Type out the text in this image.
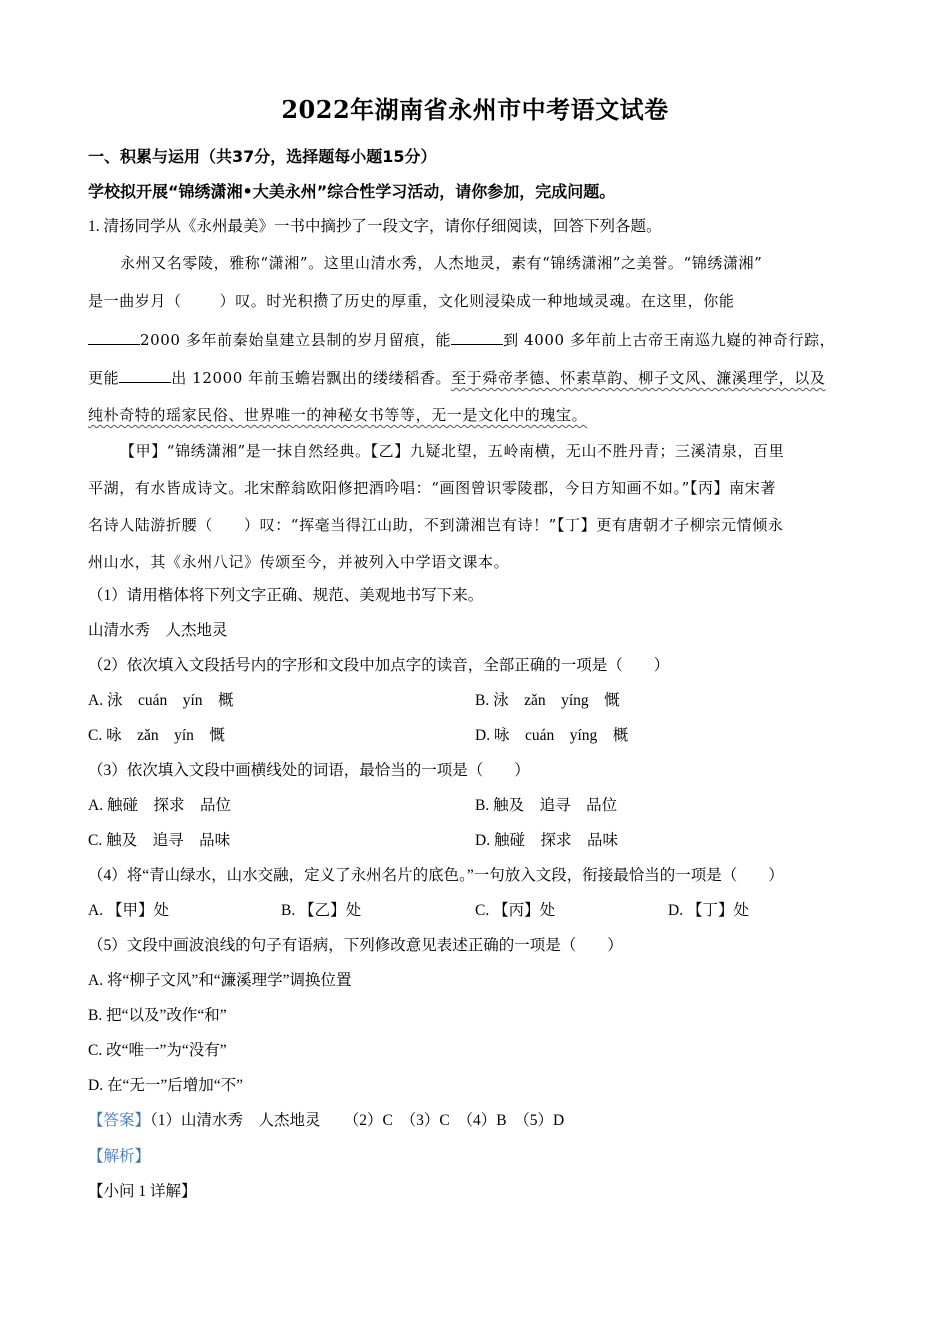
2022年湖南省永州市中考语文试卷
一、积累与运用（共37分，选择题每小题15分）
学校拟开展“锦绣潇湘•大美永州”综合性学习活动，请你参加，完成问题。
1. 清扬同学从《永州最美》一书中摘抄了一段文字，请你仔细阅读，回答下列各题。
永州又名零陵，雅称“潇湘”。这里山清水秀，人杰地灵，素有“锦绣潇湘”之美誉。“锦绣潇湘”
是一曲岁月（	）叹。时光积攒了历史的厚重，文化则浸染成一种地域灵魂。在这里，你能
2000 多年前秦始皇建立县制的岁月留痕，能	到 4000 多年前上古帝王南巡九嶷的神奇行踪，
更能	出 12000 年前玉蟾岩飘出的缕缕稻香。至于舜帝孝德、怀素草韵、柳子文风、濂溪理学，以及
纯朴奇特的瑶家民俗、世界唯一的神秘女书等等，无一是文化中的瑰宝。
【甲】“锦绣潇湘”是一抹自然经典。【乙】九疑北望，五岭南横，无山不胜丹青；三溪清泉，百里
平湖，有水皆成诗文。北宋醉翁欧阳修把酒吟唱：“画图曾识零陵郡，今日方知画不如。”【丙】南宋著
名诗人陆游折腰（　　）叹：“挥毫当得江山助，不到潇湘岂有诗！”【丁】更有唐朝才子柳宗元情倾永
州山水，其《永州八记》传颂至今，并被列入中学语文课本。
（1）请用楷体将下列文字正确、规范、美观地书写下来。
山清水秀　人杰地灵
（2）依次填入文段括号内的字形和文段中加点字的读音，全部正确的一项是（　　）
A. 泳　cuán　yín　概	B. 泳　zǎn　yíng　慨
C. 咏　zǎn　yín　慨	D. 咏　cuán　yíng　概
（3）依次填入文段中画横线处的词语，最恰当的一项是（　　）
A. 触碰　探求　品位	B. 触及　追寻　品位
C. 触及　追寻　品味	D. 触碰　探求　品味
（4）将“青山绿水，山水交融，定义了永州名片的底色。”一句放入文段，衔接最恰当的一项是（　　）
A. 【甲】处	B. 【乙】处	C. 【丙】处	D. 【丁】处
（5）文段中画波浪线的句子有语病，下列修改意见表述正确的一项是（　　）
A. 将“柳子文风”和“濂溪理学”调换位置
B. 把“以及”改作“和”
C. 改“唯一”为“没有”
D. 在“无一”后增加“不”
【答案】（1）山清水秀　人杰地灵　　（2）C　（3）C　（4）B　（5）D
【解析】
【小问 1 详解】
